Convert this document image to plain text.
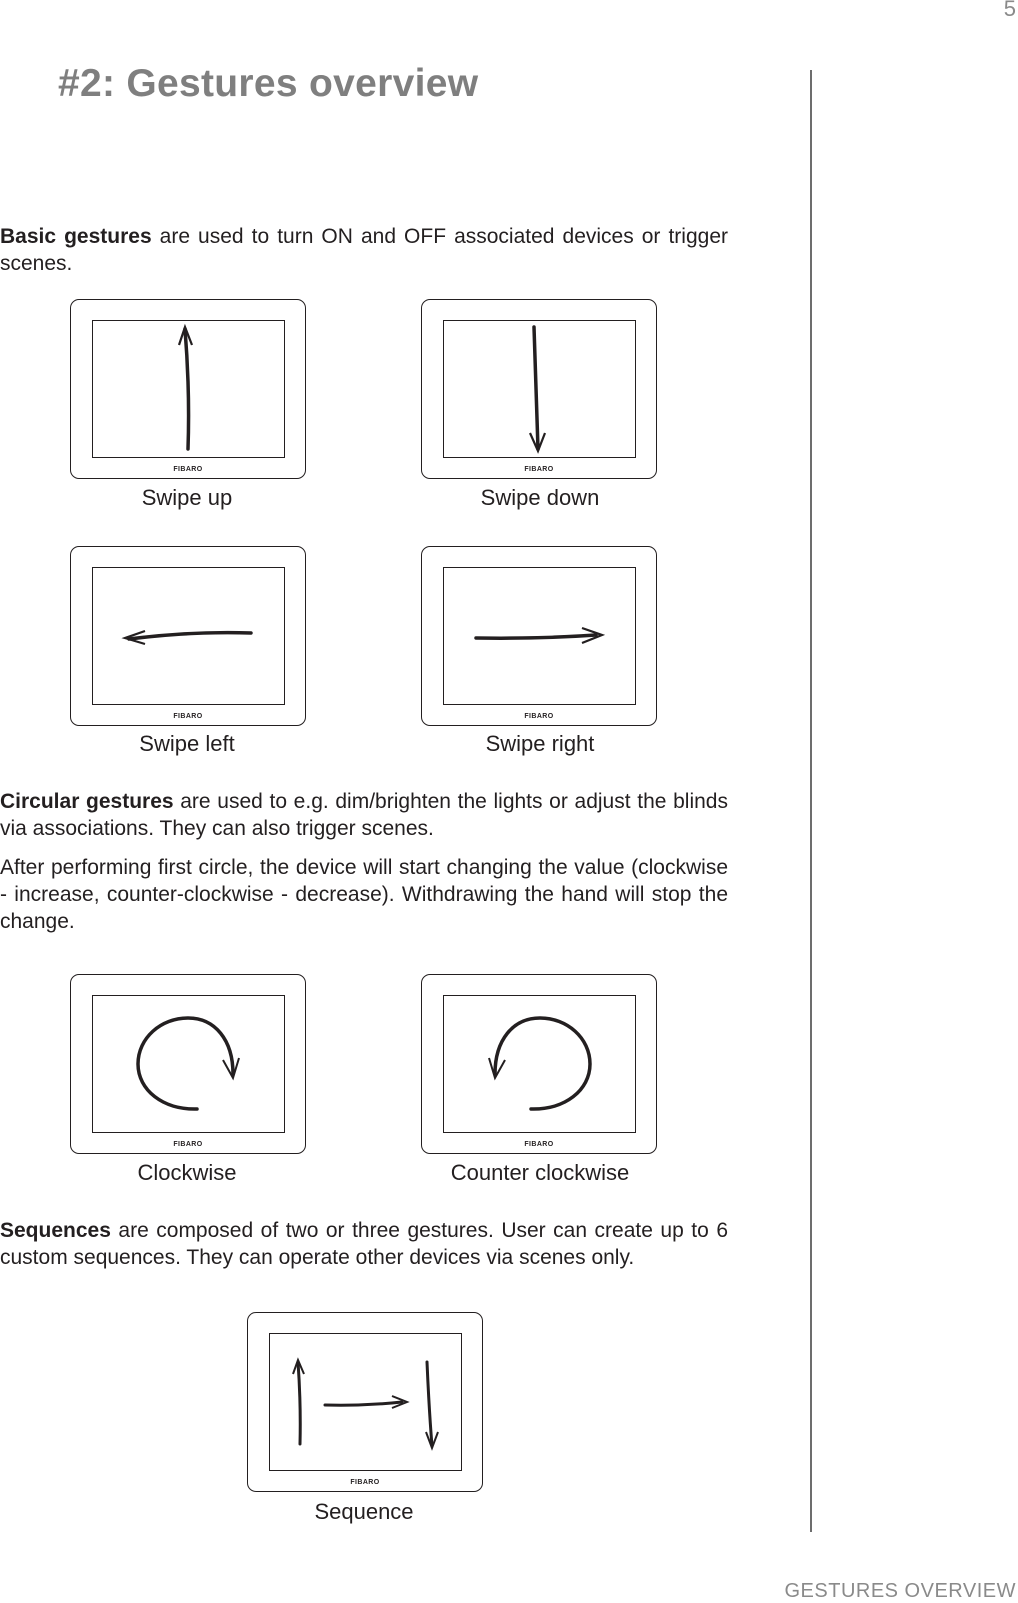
5
#2: Gestures overview

Basic gestures are used to turn ON and OFF associated devices or trigger scenes.

FIBARO
Swipe up
FIBARO
Swipe down
FIBARO
Swipe left
FIBARO
Swipe right

Circular gestures are used to e.g. dim/brighten the lights or adjust the blinds via associations. They can also trigger scenes.

After performing first circle, the device will start changing the value (clockwise - increase, counter-clockwise - decrease). Withdrawing the hand will stop the change.

FIBARO
Clockwise
FIBARO
Counter clockwise

Sequences are composed of two or three gestures. User can create up to 6 custom sequences. They can operate other devices via scenes only.

FIBARO
Sequence
GESTURES OVERVIEW
